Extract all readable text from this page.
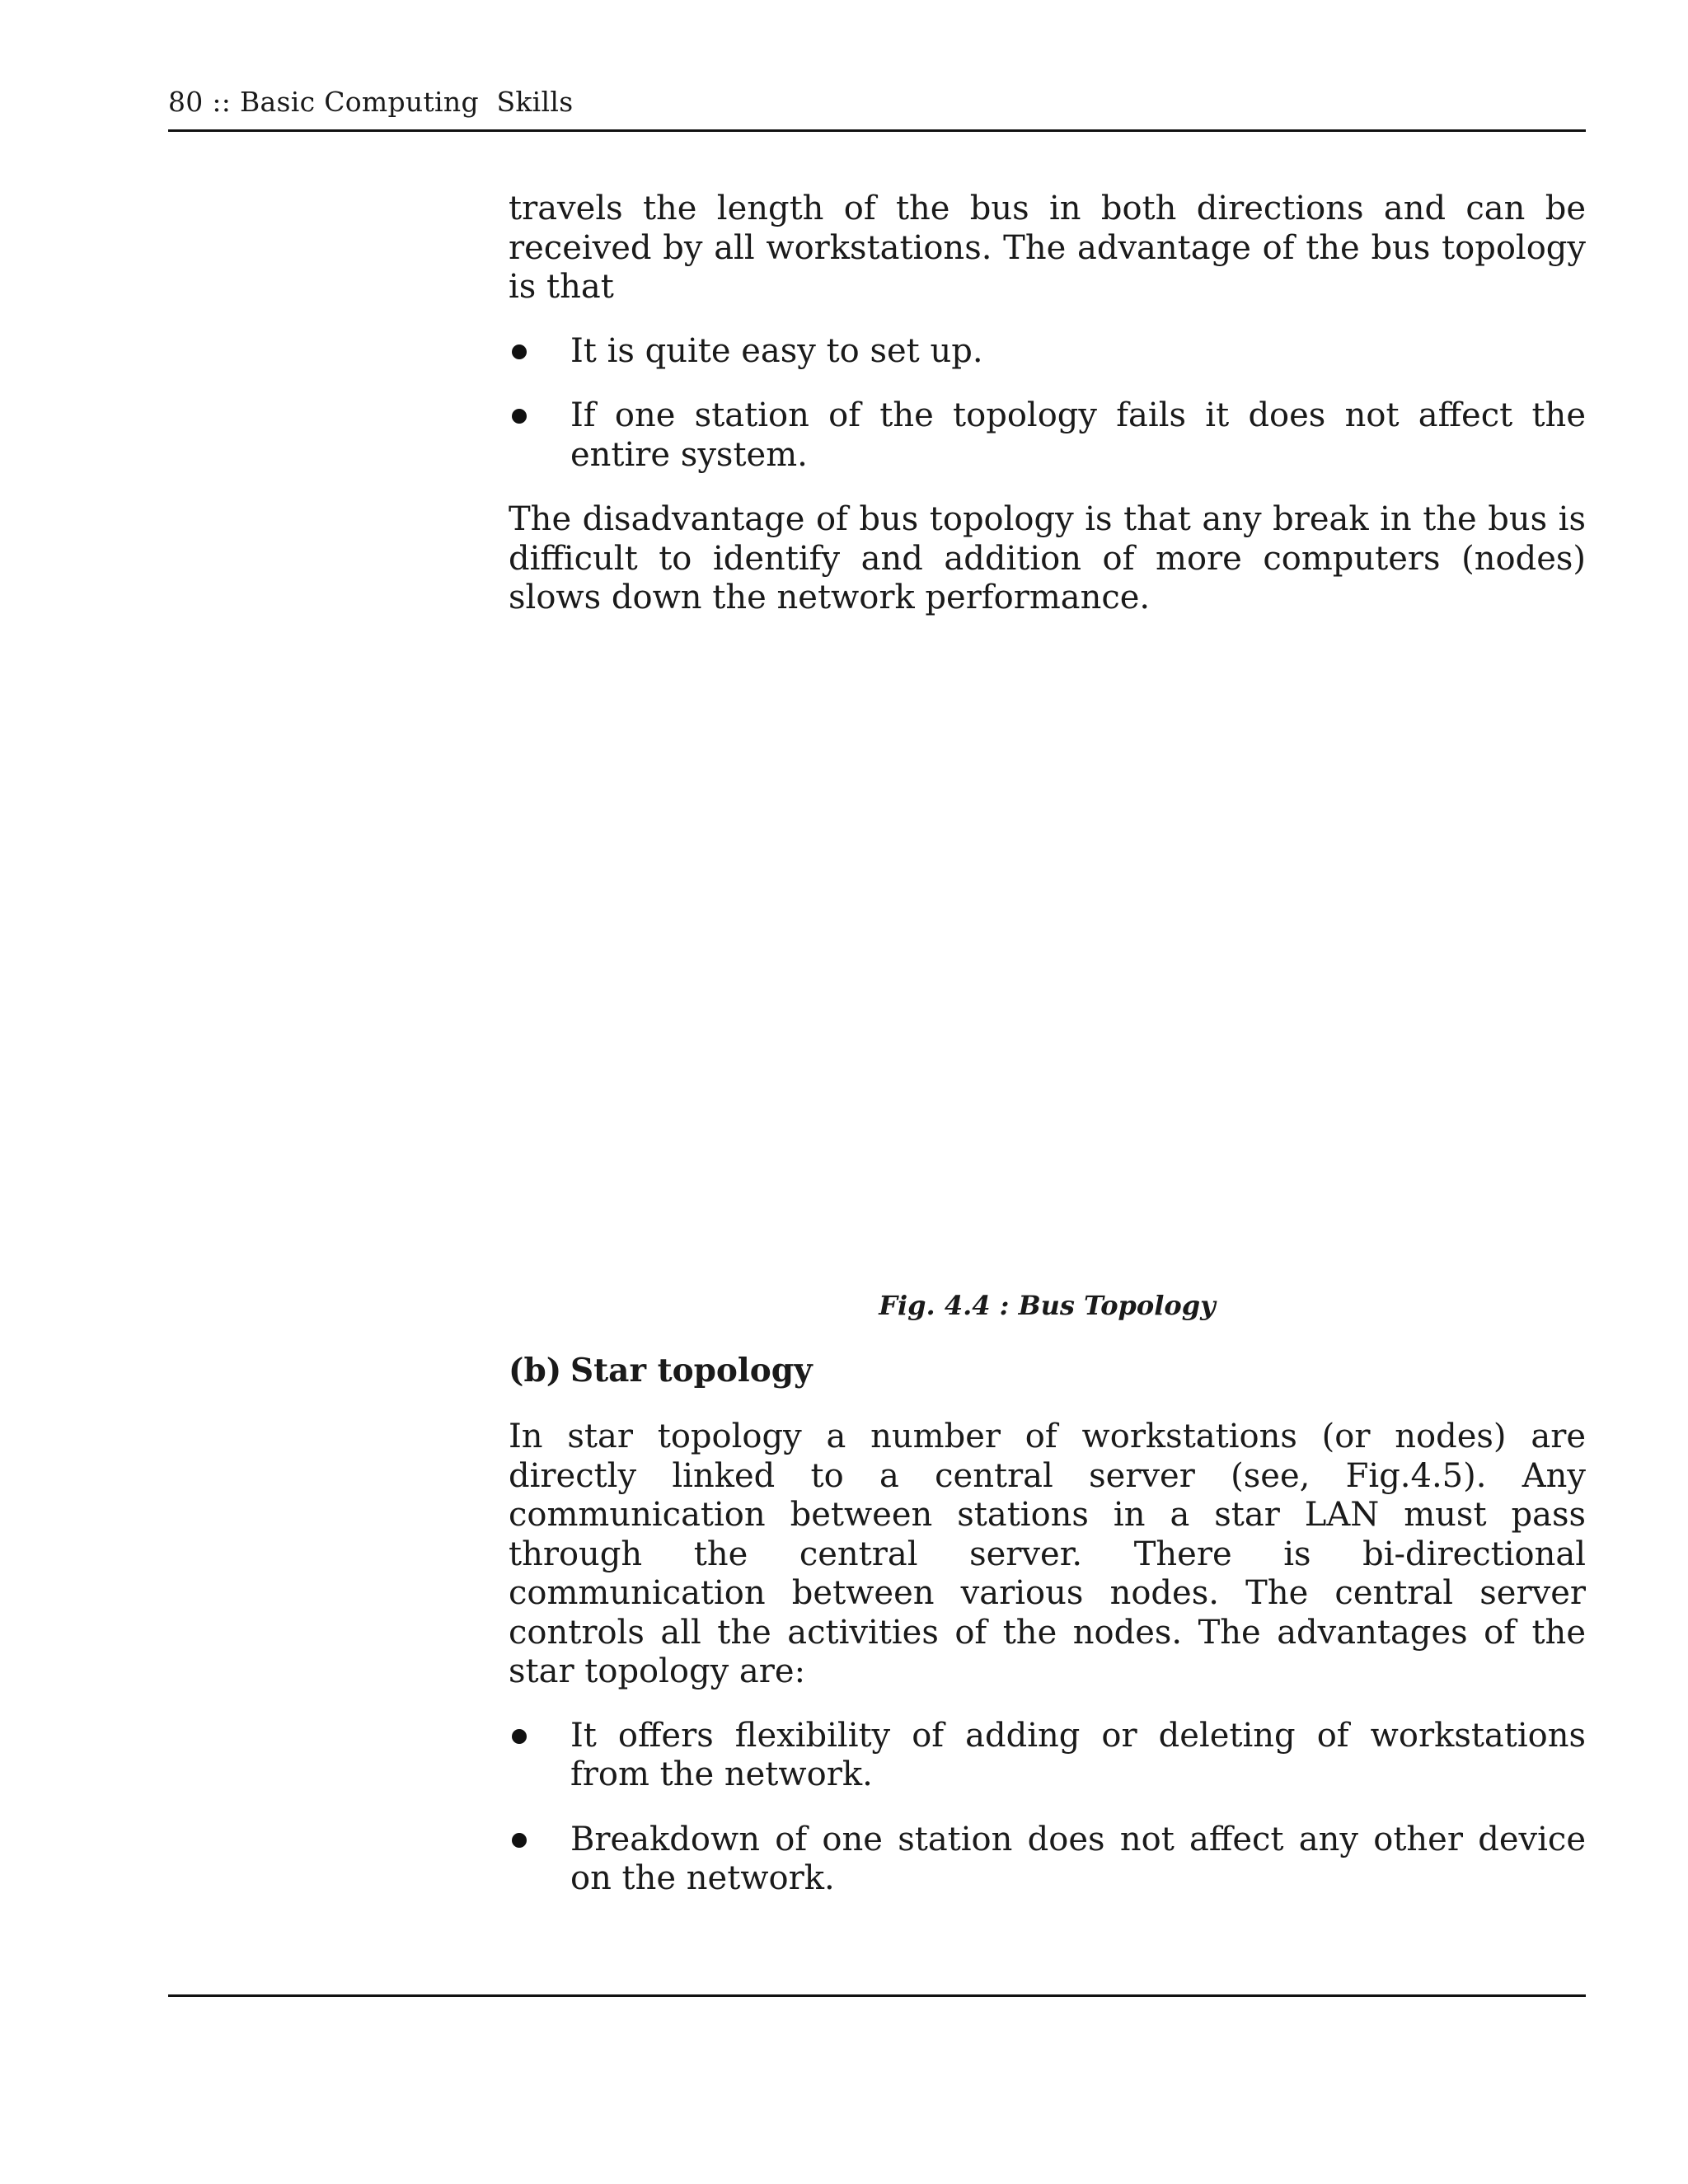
80 :: Basic Computing  Skills

travels the length of the bus in both directions and can be received by all workstations. The advantage of the bus topology is that

It is quite easy to set up.
If one station of the topology fails it does not affect the entire system.

The disadvantage of bus topology is that any break in the bus is difficult to identify and addition of more computers (nodes) slows down the network performance.

Fig. 4.4 : Bus Topology
(b) Star topology

In star topology a number of workstations (or nodes) are directly linked to a central server (see, Fig.4.5). Any communication between stations in a star LAN must pass through the central server. There is bi-directional communication between various nodes. The central server controls all the activities of the nodes. The advantages of the star topology are:

It offers flexibility of adding or deleting of workstations from the network.
Breakdown of one station does not affect any other device on the network.
